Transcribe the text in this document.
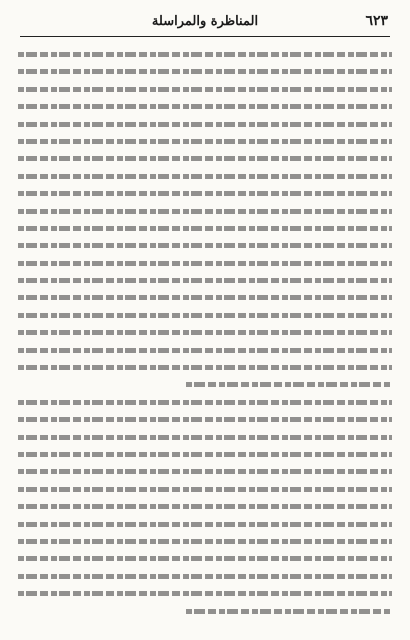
المناظرة والمراسلة	٦٢٣
